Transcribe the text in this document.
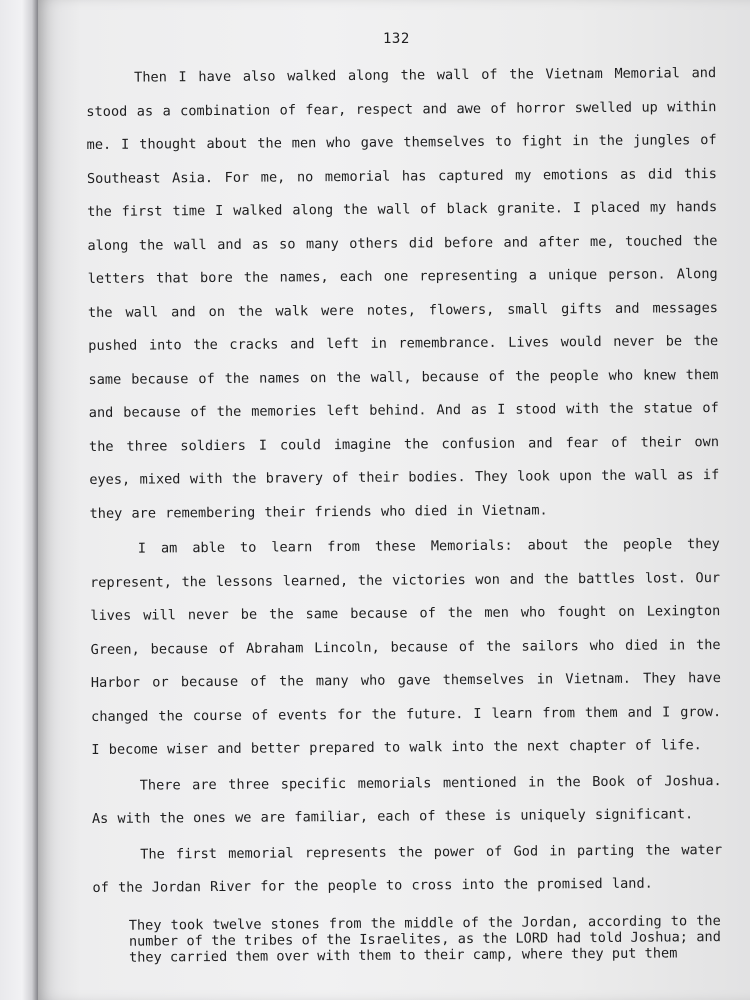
132

Then I have also walked along the wall of the Vietnam Memorial and stood as a combination of fear, respect and awe of horror swelled up within me. I thought about the men who gave themselves to fight in the jungles of Southeast Asia. For me, no memorial has captured my emotions as did this the first time I walked along the wall of black granite. I placed my hands along the wall and as so many others did before and after me, touched the letters that bore the names, each one representing a unique person. Along the wall and on the walk were notes, flowers, small gifts and messages pushed into the cracks and left in remembrance. Lives would never be the same because of the names on the wall, because of the people who knew them and because of the memories left behind. And as I stood with the statue of the three soldiers I could imagine the confusion and fear of their own eyes, mixed with the bravery of their bodies. They look upon the wall as if they are remembering their friends who died in Vietnam.

I am able to learn from these Memorials: about the people they represent, the lessons learned, the victories won and the battles lost. Our lives will never be the same because of the men who fought on Lexington Green, because of Abraham Lincoln, because of the sailors who died in the Harbor or because of the many who gave themselves in Vietnam. They have changed the course of events for the future. I learn from them and I grow. I become wiser and better prepared to walk into the next chapter of life.

There are three specific memorials mentioned in the Book of Joshua. As with the ones we are familiar, each of these is uniquely significant.

The first memorial represents the power of God in parting the water of the Jordan River for the people to cross into the promised land.

They took twelve stones from the middle of the Jordan, according to the number of the tribes of the Israelites, as the LORD had told Joshua; and they carried them over with them to their camp, where they put them
